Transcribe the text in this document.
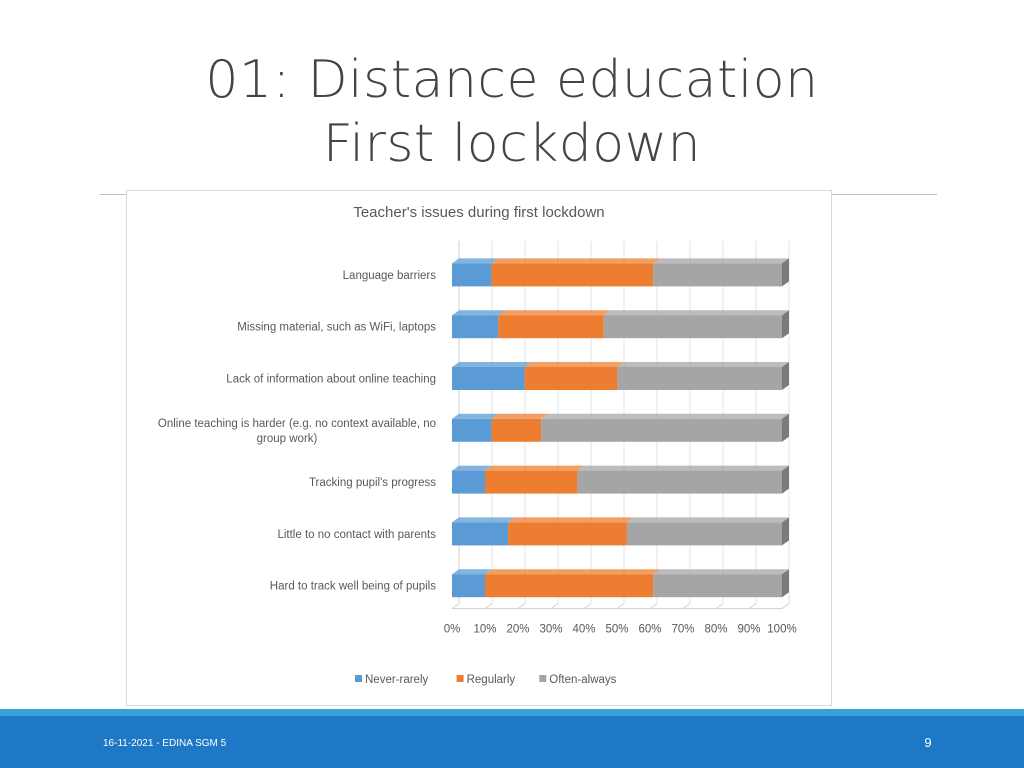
01: Distance education
First lockdown
Language barriers
Missing material, such as WiFi, laptops
Lack of information about online teaching
Online teaching is harder (e.g. no context available, no
group work)
Tracking pupil's progress
Little to no contact with parents
Hard to track well being of pupils
0% 10% 20% 30% 40% 50% 60% 70% 80% 90% 100%
Never-rarely	Regularly	Often-always
Teacher's issues during first lockdown
16-11-2021 - EDINA SGM 5	9
